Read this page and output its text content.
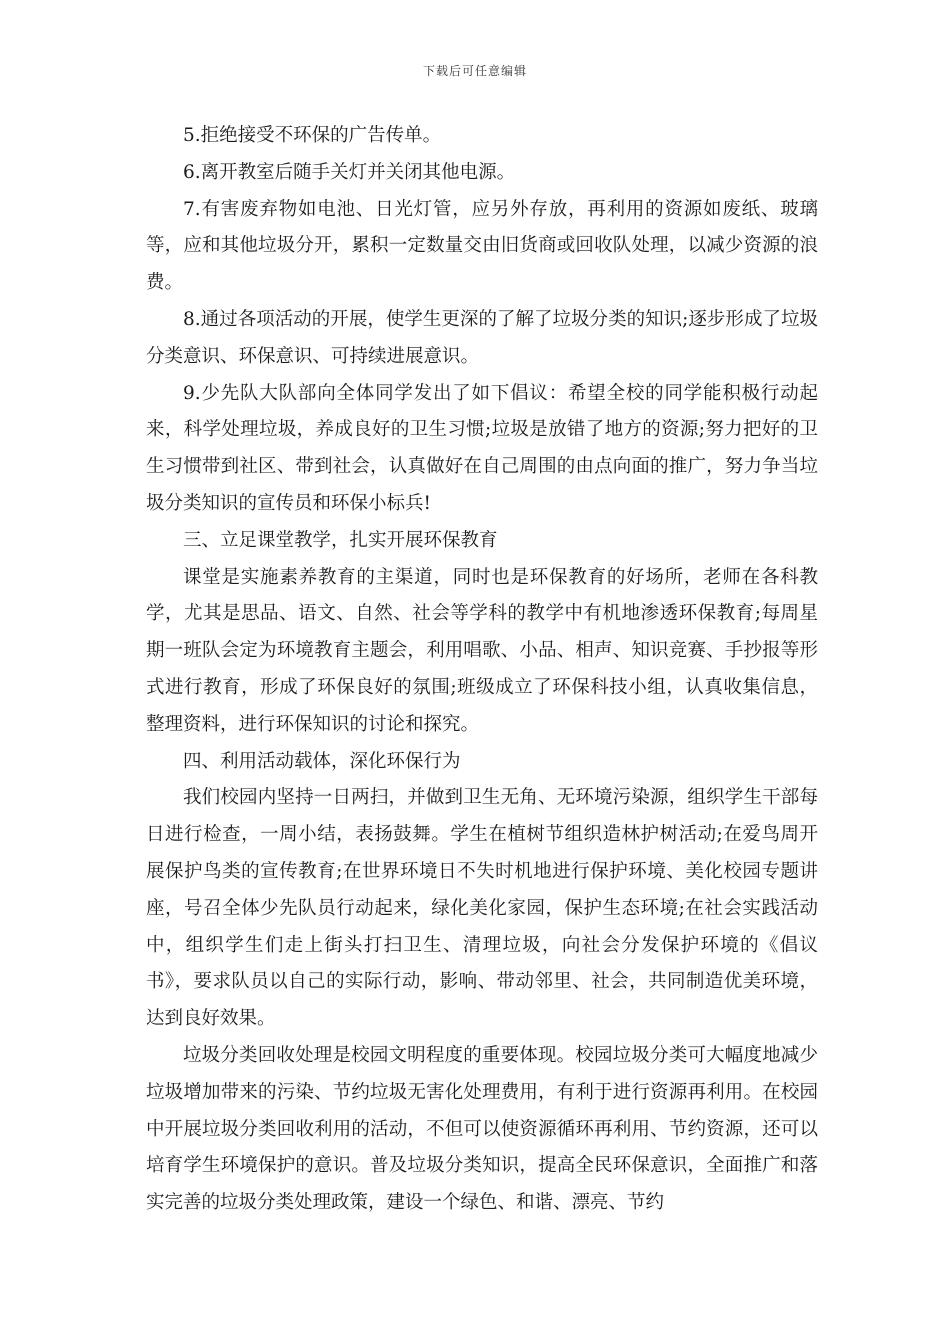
下载后可任意编辑

5.拒绝接受不环保的广告传单。

6.离开教室后随手关灯并关闭其他电源。

7.有害废弃物如电池、日光灯管，应另外存放，再利用的资源如废纸、玻璃等，应和其他垃圾分开，累积一定数量交由旧货商或回收队处理，以减少资源的浪费。

8.通过各项活动的开展，使学生更深的了解了垃圾分类的知识;逐步形成了垃圾分类意识、环保意识、可持续进展意识。

9.少先队大队部向全体同学发出了如下倡议：希望全校的同学能积极行动起来，科学处理垃圾，养成良好的卫生习惯;垃圾是放错了地方的资源;努力把好的卫生习惯带到社区、带到社会，认真做好在自己周围的由点向面的推广，努力争当垃圾分类知识的宣传员和环保小标兵!

三、立足课堂教学，扎实开展环保教育

课堂是实施素养教育的主渠道，同时也是环保教育的好场所，老师在各科教学，尤其是思品、语文、自然、社会等学科的教学中有机地渗透环保教育;每周星期一班队会定为环境教育主题会，利用唱歌、小品、相声、知识竞赛、手抄报等形式进行教育，形成了环保良好的氛围;班级成立了环保科技小组，认真收集信息，整理资料，进行环保知识的讨论和探究。

四、利用活动载体，深化环保行为

我们校园内坚持一日两扫，并做到卫生无角、无环境污染源，组织学生干部每日进行检查，一周小结，表扬鼓舞。学生在植树节组织造林护树活动;在爱鸟周开展保护鸟类的宣传教育;在世界环境日不失时机地进行保护环境、美化校园专题讲座，号召全体少先队员行动起来，绿化美化家园，保护生态环境;在社会实践活动中，组织学生们走上街头打扫卫生、清理垃圾，向社会分发保护环境的《倡议书》，要求队员以自己的实际行动，影响、带动邻里、社会，共同制造优美环境，达到良好效果。

垃圾分类回收处理是校园文明程度的重要体现。校园垃圾分类可大幅度地减少垃圾增加带来的污染、节约垃圾无害化处理费用，有利于进行资源再利用。在校园中开展垃圾分类回收利用的活动，不但可以使资源循环再利用、节约资源，还可以培育学生环境保护的意识。普及垃圾分类知识，提高全民环保意识，全面推广和落实完善的垃圾分类处理政策，建设一个绿色、和谐、漂亮、节约
